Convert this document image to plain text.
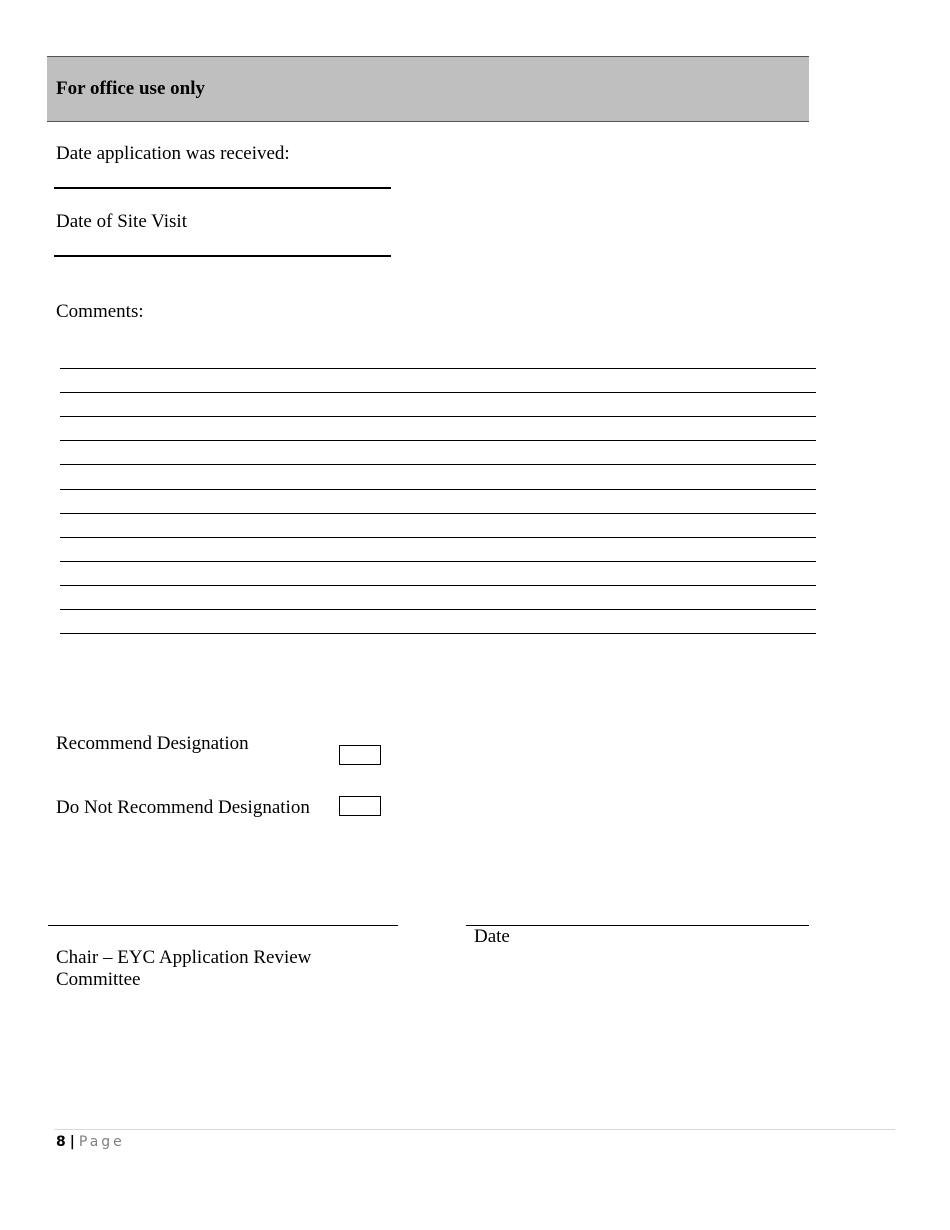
For office use only
Date application was received:
Date of Site Visit
Comments:
Recommend Designation
Do Not Recommend Designation
Date
Chair – EYC Application Review
Committee
8 | Page
